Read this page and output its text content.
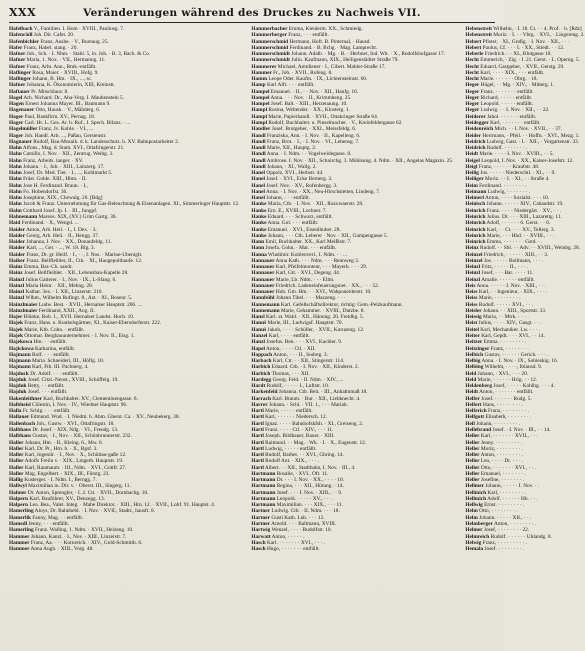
XXX	Veränderungen während des Druckes zu Nachweis VII.
Hafelbach V., Familien. I. Hom · XVIII., Pauliusg. 7.
Hafenrädl Joh. Dir. Cafet. 20.
Hafenbichler Franz, Aushe. · V., Bureaug. 25.
Hafer Franz, Habel. stang. · 20.
Hafner Joh., Sch. · I. Nhm. · Stabl. 5, in. Joh. · B. 3, Bach. & Co.
Hafner Maria, 1. Nox. · VII., Hermanng. 11.
Hafner Franz, Arbt. Ann., Rmk.-entfällt.
Haflinger Rosa, Maier. · XVIII., Hofg. 9.
Haflinger Johann, B. Hm. · IX., ..., sc.
Hafner Johanna, K. Ökonomierin, XIII, Kreinstr.
Haftauer Pr. Mitschlaus: 8.
Hagel Arb. Nichard. Dr., Aba-Verg. I. Maubenstein 5.
Hagen Ernest Johanna Mayer. III., Baumann 9.
Hagenauer Otto, Hausk. · V., Mähderg. 6.
Hager Paul, Bankfirm. XV., Pernag. 18.
Hager Carl. Hr. L. Ges. Ar. b. Ruf., I. Spech. Bilanz. · ...
Hagelmüller Franz, Jv. Koble. · VI., ...
Hager Joh. Handl. Arb. ..., Paßau, Gerstenstr.
Hagnauer Rudolf, Bau-Mosaik. d. k. Landesschutz. b. XV. Bahnpostarbeiter 2.
Hahn Alfons., Mag. d. Stam. XVI., Ottafringerstr. 21.
Hahn Camillo, I. Nov. · XII., Zentrug. Weibg. 3.
Hahn Franz, Arbeits. langer. · XV.
Hahn Johann. · I., Jub. · XIII., Lainzerg. 17.
Hahn Josef, Dr. Med. Tier. · I., ..., Kohlmarkt 5.
Hahn Fräst. Gohle. XIII., Hhm. · II.
Hahn Jose H. Ferdinand. Braun. · I.,
Hahn Fo. Hobendorfst. 36.
Hahn Josephine, XIX., Chewalg. 26. [Bdg]
Hahn Jacob & Franz. Unternehmung für Gas-Beleuchtung & Eisenanlagen. XI., Simmeringer Hauptstr. 12.
Hahn Gotthard Josef. Jp. I. · III., Jungpf.
Hahnemann Mareos. XIX, (XV.) Grim Gartg. 36.
Haid Ferdinand. · X., Wengd. ...
Haider Anton, Arb. Heil. · I., I. Dex. · 3.
Haider Georg, Arb. Heil. · II., Hengg. 37.
Haider Johanna, I. Nov. · XX., Donaufeldg. 11.
Haider Karl, ..., Ger. · ..., W. 18. Blg. 3.
Haider Franz, Dr. gr. Heilf. · I., · ·, I. Nos. · Marine-Ubeniglt.
Haiker Franz. Bellfleibler, II., Cth. · XI., Haugepolthaufe. 12.
Hainz Emma, Bar.-Ch. sandr.
Hainz Josef. Bellfleibler. · XII., Lebensbau-Kapelle 28.
Hainzl Julius Gatterer. · I., Nov. · IX., L-Sfang. 6.
Hainzl Maria Heinr. · XII., Mehng. 28.
Hainzl Kathar. 3ex. · I. XII., Linzerstr. 210.
Hainzl Wlhm., Wilhelm Rufingt. 8., Ast. · XI., Rosenr. 5.
Hainzlmaier Ludw. Best. · XVII., Hernalser Hauptstr. 206. ...
Hainzlmaier Ferdinand, XXII., Aug. II.
Hajer Blünke, Bob. 1., XVII. Hernalser Landst. Hoch. 10.
Hajek Franz, Hans. u. Kunkelsgärtner, XI., Kaiser-Ebersdorferstr. 222.
Hajek Marie, Ktb. Cohn. · entfällt.
Hajek Ottomar. Bergbauunternehmer. · I. Nov. II., Eisg. 1.
Hajekowa Hm. · · entfällt.
Hajickowa Katharina, entfällt.
Hajmann Rolf. · · · entfällt.
Hajmann Maria. Schneideri, III., Höflg. 10.
Hajmann Karl, Ftb. III. Pachnerg. 4.
Hajduck Dr. Adolf. · · · entfällt.
Hajduk Josef. Citzl.-Nenst., XVIII., Schöffelg. 19.
Hajduk Betty, · · entfällt.
Hajduk Josef. · · · entfällt.
Hakenleithner Karl, Buchhalter. XV., Clementinengasse. 8.
Halbheisl Cölestin, I. Nov. · IV., Wiedner Hauptstr. 96.
Halla Fr. Schlg. · · · entfällt.
Hallauer Edmund. Wnd. · I. Niedm. b. Abm. Gberst. Ca. · XV., Neubekerg. 38.
Hallenbach Joh., Gastw. · XVI., Ottafringstr. 18.
Halbhaus Dr. Josef. · XIX. Ndg. · VI., Freudg. 13.
Halbhans Gustav, · I., Nov. · XII., Schönbrunnerstr. 232.
Haller Johann, Hm. · II., Kleing. 6., Mw. 6.
Haller Karl, Dr. Pr., Hrn. b. · X., Bgsf. 3.
Haller Karl, Ingeniir. · I., Nov. · X., Schüttau-gaße 12.
Haller Adolfs Freiin v. · XIX., Lmgerh. Hauptstr. 19.
Haller Karl, Raumaum. · III., Ndm. · XVI., Gottfr. 27.
Haller Mag. Engelbert. · XIX., III., Fürstg. 23.
Hallig Kusterger. · I. Ndm. I., Berngg. 7.
Hallwyl Maximilian in. Dir. v. · Oberst. III., Singerg. 11.
Halmer Dr. Anton, Sprengler, · I. 2. Ctt. · XVII., Dornbachg. 10.
Halpern Karl, Bauführer, XV., Denzegg. 13.
Halpern Leo. Bea., Valet. Integ. · Mabe Direktor, · XIII., Hrn. 12. · XVII., Lobf. 91. Hauptst. 4.
Hamerling Aloys, Dr. Bahnhebl. · I. Nov. · XVII., Stadtr., hausft. 8.
Hamerlik Fanny, Mag. · · entfällt.
Hamedl Jenny, · · · entfällt.
Hamerling Franz. Walling. 1. Ndm. · XVII., Heizeng. 10.
Hammer Johann, Kanzl. · I., Nov. · XIII., Linzerstr. 7.
Hammer Franz, Aa. · · · Kornreich. · XIV., Gold-Schmittb. 6.
Hammer Anna Augh. · XIII., Vorg. 48.
Hammerbacher Emma, Kleiderm. XX., Schmiedg.
Hammerberger Franz, · · · entfällt.
Hammerschmid Hermann, Hoft. B. Pinternal, · Hausd.
Hammerschmid Ferdinand. · B. Bchg. · Mag. Lamprecht.
Hammerschmidt Johann. Adalb. · Mg. · B. · Herbner, Ind. Wit. · X., Rudolfshofgasse 17.
Hammerschmidt Juliu. Kaufmann, XIX., Heiligenstädter Straße 79.
Hammerer Michael, Amtdiener · I., Cibert. Mahler-Straße 17.
Hammer Fr., Joh. · XVII., Rofeng. 8.
Hamm Leope Oder. Kaufm. · IX., Lichtensteinstr. 60.
Hamp Karl Alfr. · · · entfällt.
Hampel Emanuel. · II., · · Nov. · XII., Hanfg. 16.
Hampel Anna. · · · Nov. · II., Krimmheng. 25.
Hampel Josef. Balt. · XIII., Herzenaung. 10.
Hampl Rosina, Weltender. · XX., Klosterg. 1.
Hampl Marie, Papierhandl. · XVII., Ottakringer Straße 64.
Hampl Rudolf, Buchhalter. u. Pinselmacher. · V., Kreinfeldergasse 62.
Handler Josef. Brotgeber, · XXI., Meissfeldg. 6.
Handl Franziska, Ann. · I. Nov. · II., Kapelleng. 6.
Handl Franz, Brot. · I., · I. Nov. · VI., Lebensg. 7.
Handl Marie, XII., Hauptg. 2.
Handl Anna. · I. Ndm. · · Vogelweidegasse. 8.
Handl Ambrose. I. Nov. · XII., Schnirchg. 3. Mühlsung. 4. Ndm. · XII., Angelas Magazin. 25.
Handl Johann, · XI., Wallg. 2.
Hanel Oppolz, XVI., Herbstr. 44.
Hanel Josef. · XVI., Ecke Bernerg. 3.
Hanel Josef. Nov. · XV., Rofenbergg. 3.
Hanel Anna. · I. Nov. · XX., Neu-Hirschstetten, Lindeng. 7.
Hanel Johann, · · · entfällt.
Hanke Maria, Ctb. · I. Nov. · XII., Ruzowaerstr. 28.
Hanke Ern. E., XVIII., Lochner. 7.
Hanke Eduard. · · · Schwarz, entfällt.
Hanke Anna. Gol. · · · entfällt.
Hanke Emanuel. · XVI., Eisenlhuher. 28.
Hanke Johann, · · · Cth. Leberer · Nov. · XII., Gumpengasse 5.
Hann Emil, Buchhalter. XX., Karl Meißlstr. 7.
Hann Josefa. Gohn. · Mar. · · · entfällt.
Hanna Wladimir. Kohlenverl., I. Ndm. · · ...
Hannauer Anna Kath. · · · Ndm. · · · Rennweg 3.
Hannauer Karl, Pfeifelmonteur, · · · Mayerh. · · · 29.
Hannauer Karl, Gtr. · XVI., Degeng. 44.
Hannauer Marie, Lb. Ndm. · · · Ellm.
Hannauer Friedrich. Ladeneinfeuerungsnet. · XX., · · · 52.
Hannauer Hub. Gm. Hm. · · XVI., Wahponeiderstr. 10.
Hannbühl Johann Tibel. · · · Mazzeng. · · ·
Hannemann Karl. Gefellschäftsdirektor, richtig: Gem.-Pelzkaufmann.
Hannemann Marie, Gehammer. · XVIII., Dutzbe. 8.
Hansl Karl. at. Wald. · XII., Hänung. 20. Freidhg. 5.
Hanuš Marie, III., Ludwigsf. Hauptstr. 70.
Hanuš Jakob, · · · · Schüller, · XVII., Kuruzeng. 12.
Hanzel Karl, · · · · entfällt.
Hanzl Josefus. Ben. · · · XVI., Kachler. 9.
Hapel Anton, · · · · Ctl. · XII.
Happach Anton, · · · II., Sudreg. 3.
Harbach Karl, Ctr. · · XII., Stingerstr. 114.
Harbich Eduard. Ctb. · I. Nov. · XII., Kinderst. 2.
Harbich Thomas, · · · XII.
Hardegg Georg. Feld. · II. Ndm. · XIV., ...
Hardt Rudolf, · · · · · I., Luftstr. 10.
Harkenfeld Johanna. Ctb. Beit. · III., Anhaltnmaß 18.
Harrach Karl. Braum. · Bur. · XII., Liebknecht. 4.
Harrer Johann. · Schl. · VII. 1., · · · Mariab.
Hartl Marie, · · · · · entfällt.
Hartl Karl, · · · · · · Niedersch. 12.
Hartl Ignaz. · · · · Bahnhofskfsh. · XI., Greiseng. 2.
Hartl Franz. · · · · Ctl. · XIV., · · · 11.
Hartl Joseph. Bildhauer, Bauer. · XIII.
Hartl Raimund. · · Mag. · Wk. · I. · X., Eugenstr. 12.
Hartl Ludwig, · · · · · entfällt.
Hartl Rudolf, Barbet. · · XVI., Gbring. 14.
Hartl Rudolf Ant. · XIX., · · · .
Hartl Albert. · · XII., Stadtbahn, I. Nov. · III., 4.
Hartmann Rosalie, · XVI., Oft. 11.
Hartmann Dr. · · · I. Nov. · XX., · · · · 10.
Hartmann Regina, · · · XII., Hütung. · 14.
Hartmann Josef. · · · I. Nov. · XIII., · · 9.
Hartmann Leopold. · · · · · XV., · · · .
Hartmann Maximilian. · · · XIX., · · · 11.
Hartner Ludwig. Ctb. · II. Ndm. · · · 18.
Hartner Gusti Kath. Lub. · · · 12.
Hartner Arnold. · · · Ballmann, XVIII.
Hartwig Wenzel, · · · · Rudolfstr. 10.
Harwatt Anton, · · · · · .
Hasch Karl. · · · · · · · XVI., · · · .
Hasch Hugo, · · · · · · · entfällt.
Hebenstreit Wilhelm, · I. 18. Ct. · · 4. Prof. · b. [Rdz]
Hebenstreit Moriz. · I. · · Vbrg. · XVI., · Lingereng. 2.
Hebert Pfister, · XI., Großg. · I. Nov. · XII., · · ·
Hebert Paulus, Cf. · · · I. · XX., Stiedt. · · 12.
Heberle Friedrich. · · XI., Blutgasse 10.
Hecht Emmerich, · Zig. · I. 21. Gerst. · I., Operng. 5.
Hecht Eduard, Gastgeber, · XVII., Gerstg. 29.
Hecht Karl, · · · · XIX., · · · entfällt.
Hecht Marie. · · · · · · Obrg. · 18.
Heger Hügel, · · Mg. · XIV., · Mitterg. 1.
Heger Franz. · · · · · · · entfällt.
Heger Richard, · · · · · entfällt.
Heger Leopold. · · · · · entfällt.
Heger Ludwig. · · I. Nov. · XII., · · 22.
Heiderer Jahol. · · · · · · entfällt.
Heidegger Karl, · · · · · · · entfällt.
Heidenreich Mich. · · I. Nov. · XVII., · · 37.
Heider Herrmann, · Pfeil. · · Hoffn. · XVI., Mezg. 1.
Heidrich Ludwig, Gast. · I. · XII., · Vorgartenstr. 33.
Heidrich Rudolf. · · · · · · · .
Heidt Marie. · · · · I. Nov. · XVIII., · · 5.
Heigel Leopold, I. Nov. · XX., Kaiser-Josefstr. 12.
Heigl Franz, · · · · · · Kraufstr. 48.
Heilig Jos. · · · · · Niederschtl. · XI., · · 9.
Heiliger Moriz. · · I. · XI., · · Straße 4.
Heim Ferdinand. · · · · · · · .
Heimann Ludwig, · · · · · · · .
Heimerl Anton, · · · · Sozialst. · · · 10.
Heinisch Johann. · · · · · XIV., Cabaudstr. 19.
Heinrich Franz. · · · · Niedergärt. · XV., · · .
Heinrich Julius. Dr. · · · XIII., Lazarettg. 11.
Heinrich Adolf, · · · · · · 6. Gerst. · · 6.
Heinrich Karl, · · Ct. · · · XV., Tellerg. 3.
Heinrich Marie, · · · Hbd. · · XVIII., · · .
Heinrich Emma, · · · · · · · Gstd. · .
Heinz Rudolf. · · Sbl. · · Adv. · · XVIII., Weinbg. 28.
Heinzel Friedrich, · · · · · · XIII., · · 3.
Heinzel Jos. · · · · · Bollmann, · · · .
Heinzl Fritz, · · · · · II., · · · .
Heinzl Josef, · · · Bar. · · · · 11.
Heinzl Amalie. · · · · · · entfällt.
Heis Anna. · · · · · I. Nov. · XIII., · · .
Heiss Karl, · · Ingenieur, · XIX., · · · .
Heiss Marie, · · · · · · · · .
Heiss Rudolf. · · · · · XVI., · · .
Heisler Johann. · · XIII., Sportstr. 33.
Heissig Maria, · · Mtrk. · · · .
Heist Julius, · · · · XIV., Gasgt. · · .
Heitel Karl, Mechaniker. Lw. · · · .
Heiter Karl, Gepdt. · · · XVI., · · 14.
Heitzer Emma. · · · · · · · · .
Heitzinger Franz, · · · · · · · .
Helbich Gustav, · · · · · · Gerich. · · · .
Helbig Anna. · I. Nov. · IX., Sobieskig. 16.
Helbing Wilhelm, · · · ·, Iblansd. 9.
Held Johann, · XVI., · · · 20.
Held Marie, · · · · · · Hrig. · · 12.
Heldenberg Josef, · · · · · Kohlbg. · · · 4.
Heldt Anton, · · · · · · · entfällt.
Helfer Josef. · · · · · · Rudg. 5.
Helfert Hans, · · · · · · · · .
Helferich Franz, · · · · · · · · .
Helfgott Elisabeth, · · · · · · · .
Hell Johann, · · · · · · · · .
Hellebrand Josef. · I. Nov. · III., · · 14.
Heller Karl, · · · · · · · XVII., · · .
Heller Jenny. · · · · · · · · .
Heller Moriz, · · · · · · · · .
Heller Anton, · · · · · · · · .
Heller Leo, · · · · Dr. · · · .
Heller Otto, · · · · · · · XVI., · · .
Heller Emanuel, · · · · · · · .
Heller Josefine, · · · · · · · .
Hellmer Johann, · · · · · I. Nov. · .
Hellmich Karl, · · · · · · · · .
Hellmich Adolf. · · · · · · Hb. · · .
Hellwig Ernst. · · · · · · · · .
Helm Otto, · · · · · · · · .
Helm Johann. · · · · · XII., · · .
Helmberger Anton, · · · · · · · · .
Helmer Josef, · · · · · · · · 22.
Helmreich Rudolf. · · · · · · Uhlandg. 8.
Helwig Franz, · · · · · · · · · .
Hemala Josef. · · · · · · · · .
